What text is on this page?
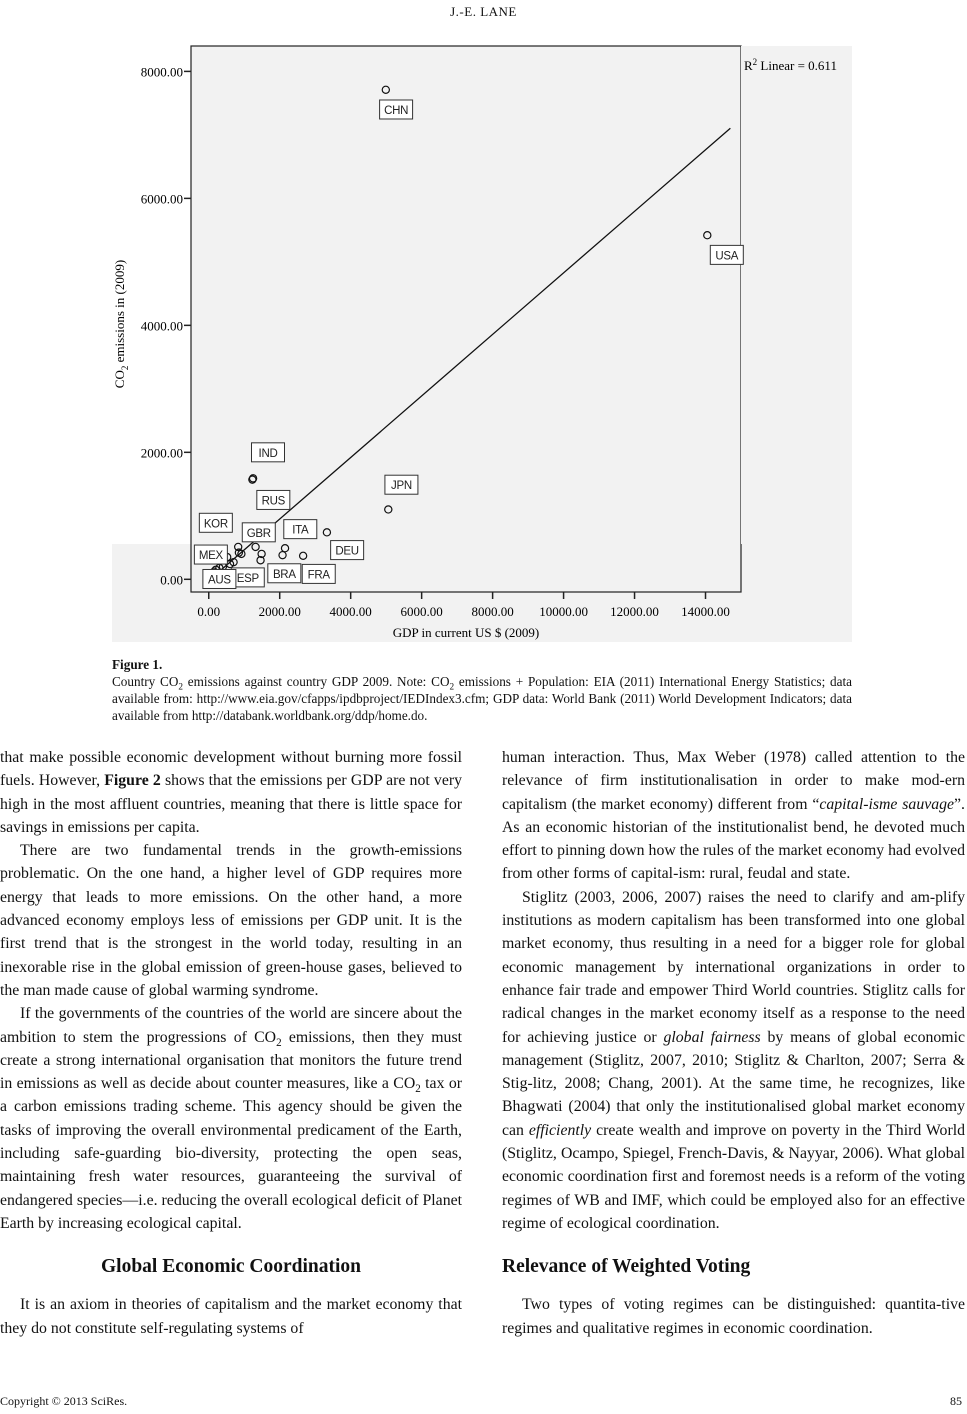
J.-E. LANE
0.00	2000.00 4000.00 6000.00 8000.00 10000.00 12000.00 14000.00
0.00
2000.00
4000.00
6000.00
8000.00
CHN
USA
JPN
IND
RUS
KOR
GBR ITA
DEU
MEX
ESP BRA FRA
AUS
$R^2$ Linear = 0.611
GDP in current US $ (2009)
$CO_2$ emissions in (2009)
Figure 1.
Country $CO_2$ emissions against country GDP 2009. Note: $CO_2$ emissions + Population: EIA (2011) International Energy Statistics; data available from: http://www.eia.gov/cfapps/ipdbproject/IEDIndex3.cfm; GDP data: World Bank (2011) World Development Indicators; data available from http://databank.worldbank.org/ddp/home.do.

that make possible economic development without burning more fossil fuels. However, Figure 2 shows that the emissions per GDP are not very high in the most affluent countries, meaning that there is little space for savings in emissions per capita.

There are two fundamental trends in the growth-emissions problematic. On the one hand, a higher level of GDP requires more energy that leads to more emissions. On the other hand, a more advanced economy employs less of emissions per GDP unit. It is the first trend that is the strongest in the world today, resulting in an inexorable rise in the global emission of green-house gases, believed to the man made cause of global warming syndrome.

If the governments of the countries of the world are sincere about the ambition to stem the progressions of $CO_2$ emissions, then they must create a strong international organisation that monitors the future trend in emissions as well as decide about counter measures, like a $CO_2$ tax or a carbon emissions trading scheme. This agency should be given the tasks of improving the overall environmental predicament of the Earth, including safe-guarding bio-diversity, protecting the open seas, maintaining fresh water resources, guaranteeing the survival of endangered species—i.e. reducing the overall ecological deficit of Planet Earth by increasing ecological capital.

Global Economic Coordination

It is an axiom in theories of capitalism and the market economy that they do not constitute self-regulating systems of

human interaction. Thus, Max Weber (1978) called attention to the relevance of firm institutionalisation in order to make mod-ern capitalism (the market economy) different from “capital-isme sauvage”. As an economic historian of the institutionalist bend, he devoted much effort to pinning down how the rules of the market economy had evolved from other forms of capital-ism: rural, feudal and state.

Stiglitz (2003, 2006, 2007) raises the need to clarify and am-plify institutions as modern capitalism has been transformed into one global market economy, thus resulting in a need for a bigger role for global economic management by international organizations in order to enhance fair trade and empower Third World countries. Stiglitz calls for radical changes in the market economy itself as a response to the need for achieving justice or global fairness by means of global economic management (Stiglitz, 2007, 2010; Stiglitz & Charlton, 2007; Serra & Stig-litz, 2008; Chang, 2001). At the same time, he recognizes, like Bhagwati (2004) that only the institutionalised global market economy can efficiently create wealth and improve on poverty in the Third World (Stiglitz, Ocampo, Spiegel, French-Davis, & Nayyar, 2006). What global economic coordination first and foremost needs is a reform of the voting regimes of WB and IMF, which could be employed also for an effective regime of ecological coordination.

Relevance of Weighted Voting

Two types of voting regimes can be distinguished: quantita-tive regimes and qualitative regimes in economic coordination.

Copyright © 2013 SciRes.	85
